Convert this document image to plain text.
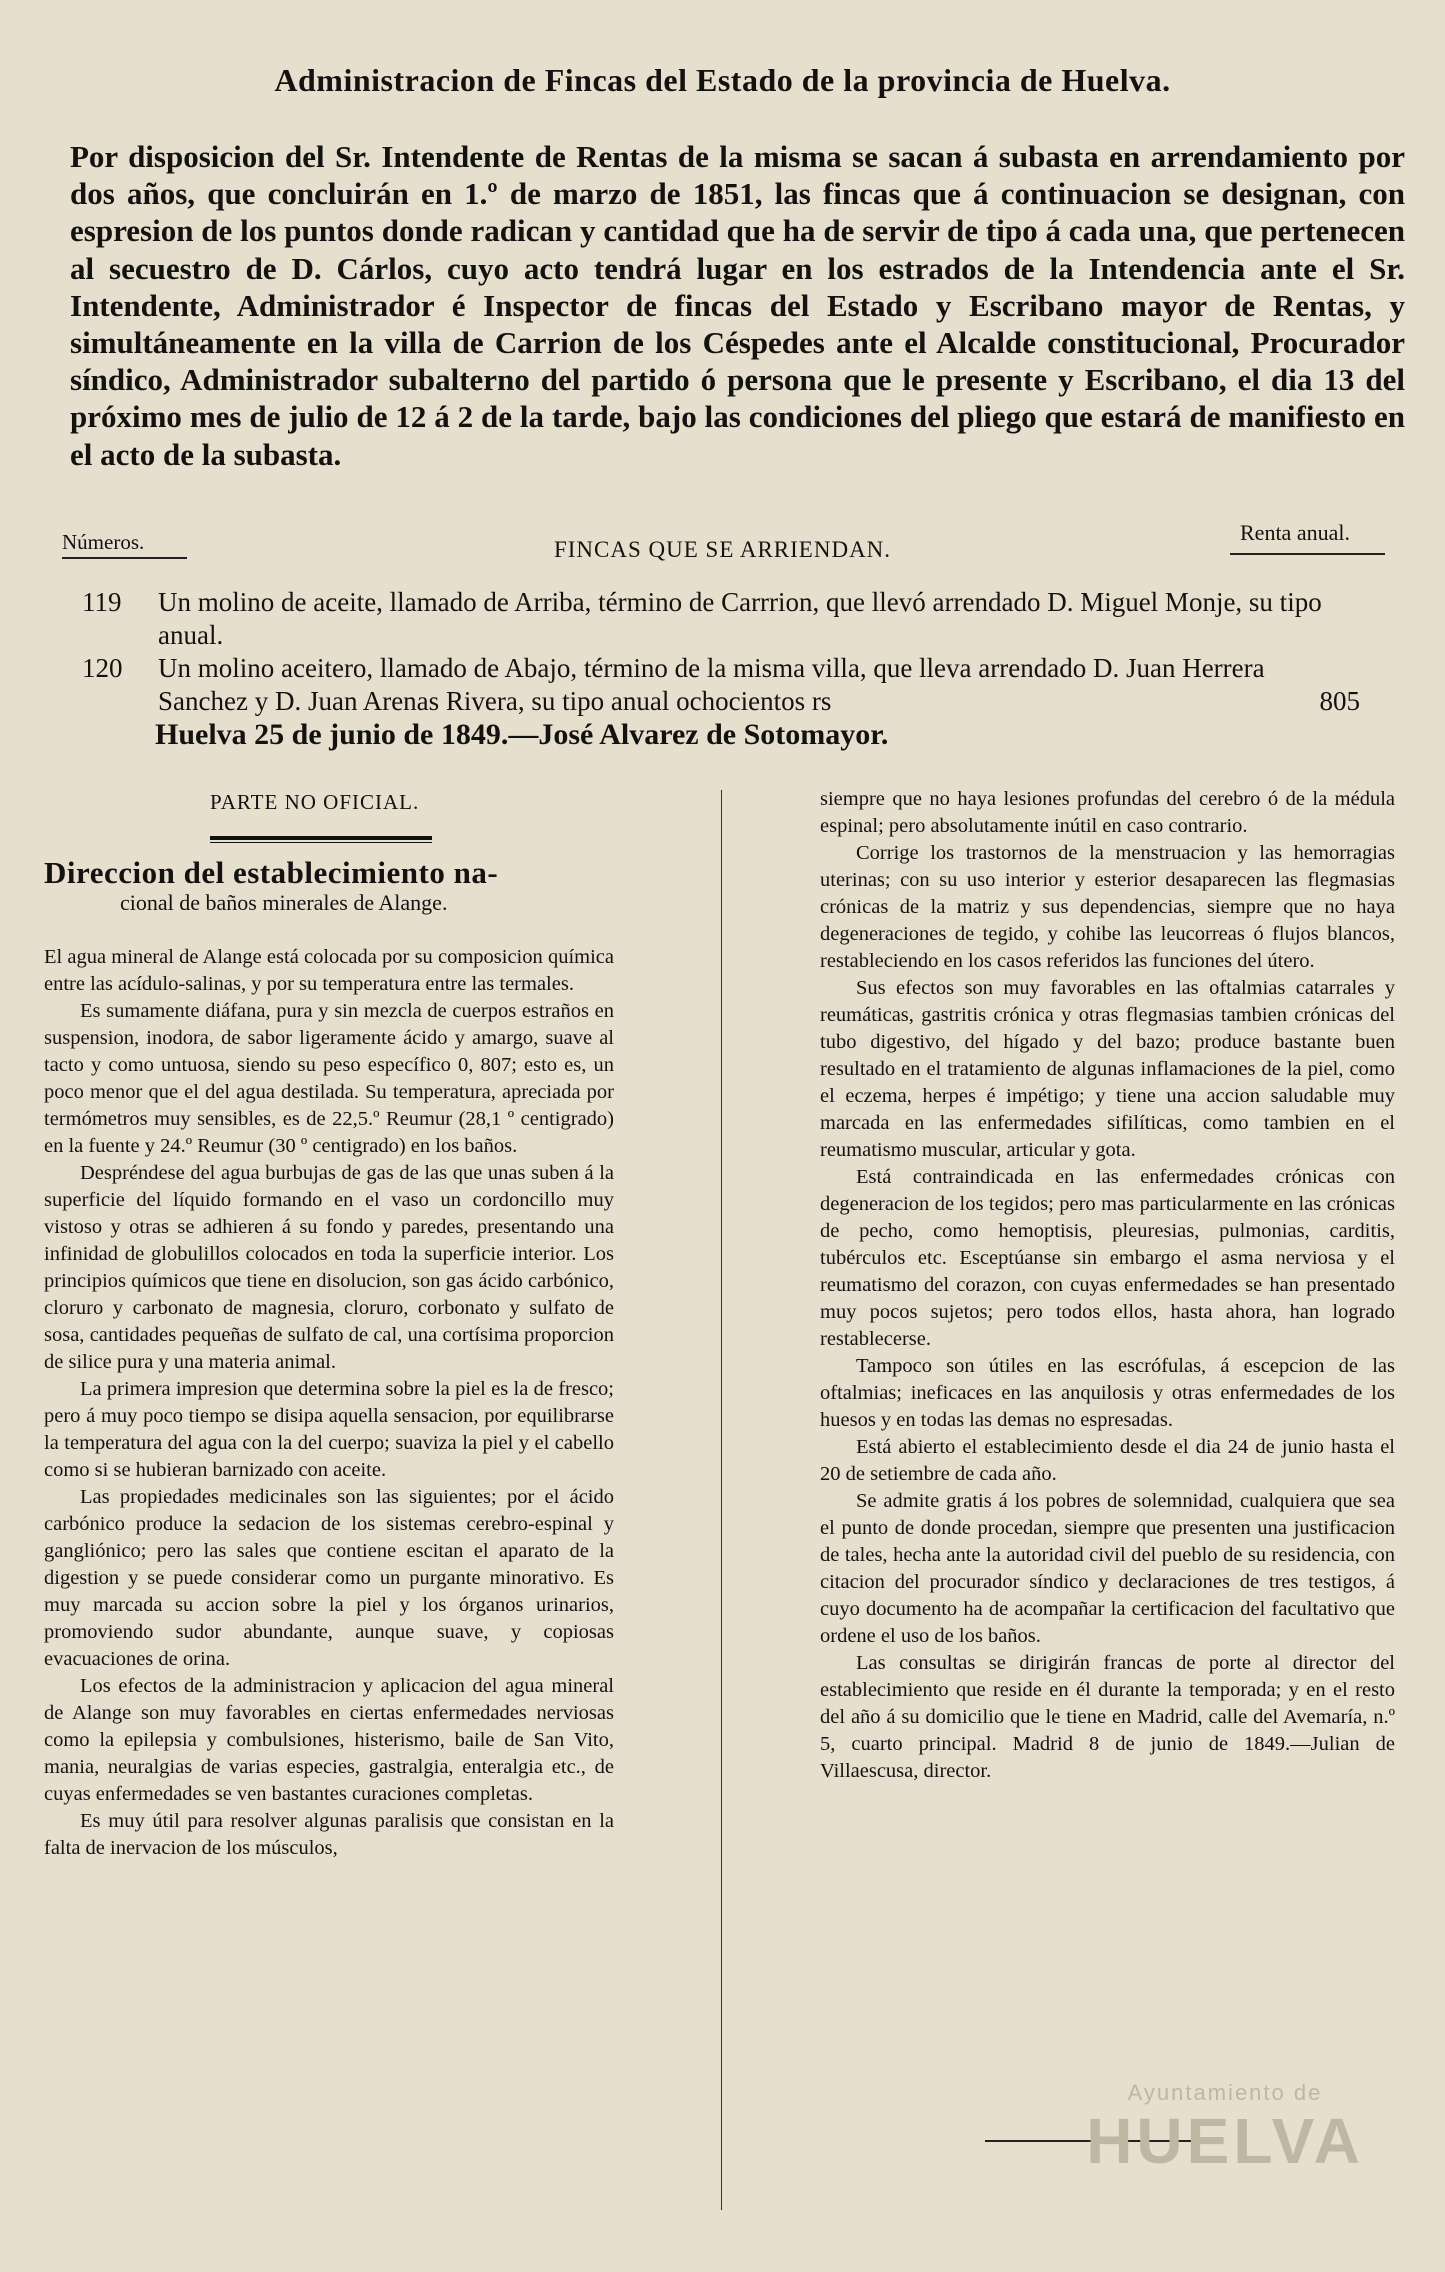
Administracion de Fincas del Estado de la provincia de Huelva.
Por disposicion del Sr. Intendente de Rentas de la misma se sacan á subasta en arrendamiento por dos años, que concluirán en 1.º de marzo de 1851, las fincas que á continuacion se designan, con espresion de los puntos donde radican y cantidad que ha de servir de tipo á cada una, que pertenecen al secuestro de D. Cárlos, cuyo acto tendrá lugar en los estrados de la Intendencia ante el Sr. Intendente, Administrador é Inspector de fincas del Estado y Escribano mayor de Rentas, y simultáneamente en la villa de Carrion de los Céspedes ante el Alcalde constitucional, Procurador síndico, Administrador subalterno del partido ó persona que le presente y Escribano, el dia 13 del próximo mes de julio de 12 á 2 de la tarde, bajo las condiciones del pliego que estará de manifiesto en el acto de la subasta.
Números.	FINCAS QUE SE ARRIENDAN.
Renta anual.
119 Un molino de aceite, llamado de Arriba, término de Carrrion, que llevó arrendado D. Miguel Monje, su tipo anual.
120 Un molino aceitero, llamado de Abajo, término de la misma villa, que lleva arrendado D. Juan Herrera Sanchez y D. Juan Arenas Rivera, su tipo anual ochocientos rs	805
Huelva 25 de junio de 1849.—José Alvarez de Sotomayor.
PARTE NO OFICIAL.
Direccion del establecimiento na-
cional de baños minerales de Alange.

El agua mineral de Alange está colocada por su composicion química entre las acídulo-salinas, y por su temperatura entre las termales.

Es sumamente diáfana, pura y sin mezcla de cuerpos estraños en suspension, inodora, de sabor ligeramente ácido y amargo, suave al tacto y como untuosa, siendo su peso específico 0, 807; esto es, un poco menor que el del agua destilada. Su temperatura, apreciada por termómetros muy sensibles, es de 22,5.º Reumur (28,1 º centigrado) en la fuente y 24.º Reumur (30 º centigrado) en los baños.

Despréndese del agua burbujas de gas de las que unas suben á la superficie del líquido formando en el vaso un cordoncillo muy vistoso y otras se adhieren á su fondo y paredes, presentando una infinidad de globulillos colocados en toda la superficie interior. Los principios químicos que tiene en disolucion, son gas ácido carbónico, cloruro y carbonato de magnesia, cloruro, corbonato y sulfato de sosa, cantidades pequeñas de sulfato de cal, una cortísima proporcion de silice pura y una materia animal.

La primera impresion que determina sobre la piel es la de fresco; pero á muy poco tiempo se disipa aquella sensacion, por equilibrarse la temperatura del agua con la del cuerpo; suaviza la piel y el cabello como si se hubieran barnizado con aceite.

Las propiedades medicinales son las siguientes; por el ácido carbónico produce la sedacion de los sistemas cerebro-espinal y gangliónico; pero las sales que contiene escitan el aparato de la digestion y se puede considerar como un purgante minorativo. Es muy marcada su accion sobre la piel y los órganos urinarios, promoviendo sudor abundante, aunque suave, y copiosas evacuaciones de orina.

Los efectos de la administracion y aplicacion del agua mineral de Alange son muy favorables en ciertas enfermedades nerviosas como la epilepsia y combulsiones, histerismo, baile de San Vito, mania, neuralgias de varias especies, gastralgia, enteralgia etc., de cuyas enfermedades se ven bastantes curaciones completas.

Es muy útil para resolver algunas paralisis que consistan en la falta de inervacion de los músculos,

siempre que no haya lesiones profundas del cerebro ó de la médula espinal; pero absolutamente inútil en caso contrario.

Corrige los trastornos de la menstruacion y las hemorragias uterinas; con su uso interior y esterior desaparecen las flegmasias crónicas de la matriz y sus dependencias, siempre que no haya degeneraciones de tegido, y cohibe las leucorreas ó flujos blancos, restableciendo en los casos referidos las funciones del útero.

Sus efectos son muy favorables en las oftalmias catarrales y reumáticas, gastritis crónica y otras flegmasias tambien crónicas del tubo digestivo, del hígado y del bazo; produce bastante buen resultado en el tratamiento de algunas inflamaciones de la piel, como el eczema, herpes é impétigo; y tiene una accion saludable muy marcada en las enfermedades sifilíticas, como tambien en el reumatismo muscular, articular y gota.

Está contraindicada en las enfermedades crónicas con degeneracion de los tegidos; pero mas particularmente en las crónicas de pecho, como hemoptisis, pleuresias, pulmonias, carditis, tubérculos etc. Esceptúanse sin embargo el asma nerviosa y el reumatismo del corazon, con cuyas enfermedades se han presentado muy pocos sujetos; pero todos ellos, hasta ahora, han logrado restablecerse.

Tampoco son útiles en las escrófulas, á escepcion de las oftalmias; ineficaces en las anquilosis y otras enfermedades de los huesos y en todas las demas no espresadas.

Está abierto el establecimiento desde el dia 24 de junio hasta el 20 de setiembre de cada año.

Se admite gratis á los pobres de solemnidad, cualquiera que sea el punto de donde procedan, siempre que presenten una justificacion de tales, hecha ante la autoridad civil del pueblo de su residencia, con citacion del procurador síndico y declaraciones de tres testigos, á cuyo documento ha de acompañar la certificacion del facultativo que ordene el uso de los baños.

Las consultas se dirigirán francas de porte al director del establecimiento que reside en él durante la temporada; y en el resto del año á su domicilio que le tiene en Madrid, calle del Avemaría, n.º 5, cuarto principal. Madrid 8 de junio de 1849.—Julian de Villaescusa, director.

Ayuntamiento de
HUELVA
